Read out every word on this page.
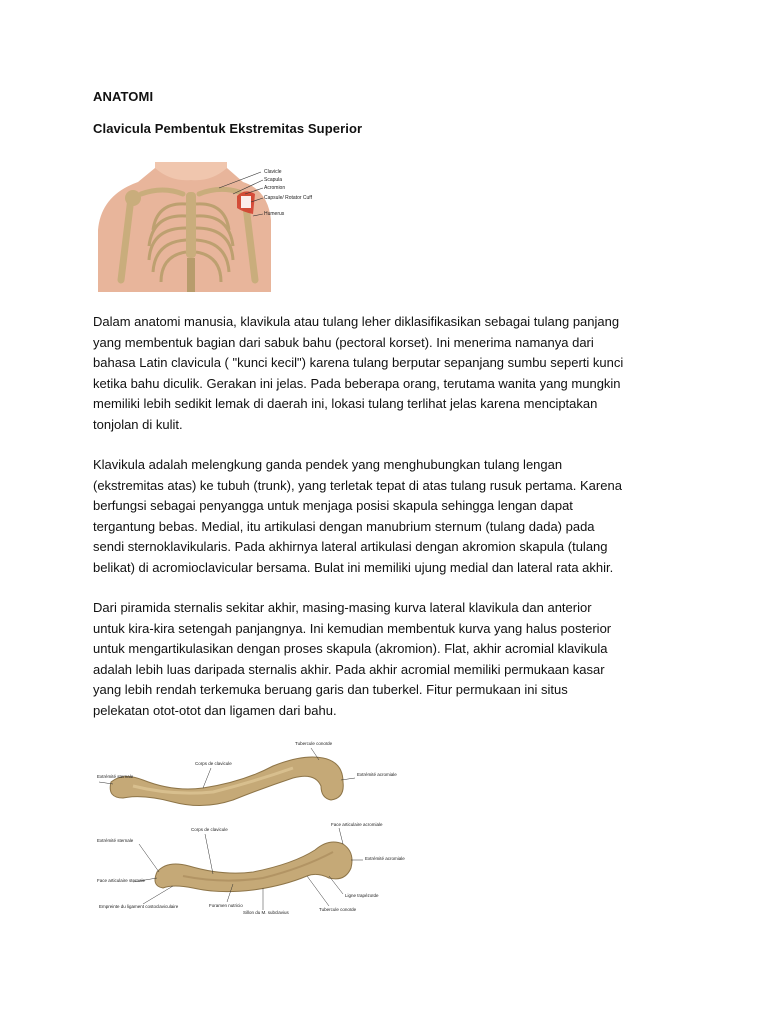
ANATOMI
Clavicula Pembentuk Ekstremitas Superior
Clavicle
Scapula
Acromion
Capsule/ Rotator Cuff
Humerus
Dalam anatomi manusia, klavikula atau tulang leher diklasifikasikan sebagai tulang panjang
yang membentuk bagian dari sabuk bahu (pectoral korset). Ini menerima namanya dari
bahasa Latin clavicula ( "kunci kecil") karena tulang berputar sepanjang sumbu seperti kunci
ketika bahu diculik. Gerakan ini jelas. Pada beberapa orang, terutama wanita yang mungkin
memiliki lebih sedikit lemak di daerah ini, lokasi tulang terlihat jelas karena menciptakan
tonjolan di kulit.
Klavikula adalah melengkung ganda pendek yang menghubungkan tulang lengan
(ekstremitas atas) ke tubuh (trunk), yang terletak tepat di atas tulang rusuk pertama. Karena
berfungsi sebagai penyangga untuk menjaga posisi skapula sehingga lengan dapat
tergantung bebas. Medial, itu artikulasi dengan manubrium sternum (tulang dada) pada
sendi sternoklavikularis. Pada akhirnya lateral artikulasi dengan akromion skapula (tulang
belikat) di acromioclavicular bersama. Bulat ini memiliki ujung medial dan lateral rata akhir.
Dari piramida sternalis sekitar akhir, masing-masing kurva lateral klavikula dan anterior
untuk kira-kira setengah panjangnya. Ini kemudian membentuk kurva yang halus posterior
untuk mengartikulasikan dengan proses skapula (akromion). Flat, akhir acromial klavikula
adalah lebih luas daripada sternalis akhir. Pada akhir acromial memiliki permukaan kasar
yang lebih rendah terkemuka beruang garis dan tuberkel. Fitur permukaan ini situs
pelekatan otot-otot dan ligamen dari bahu.
Tubercule conoïde
Corps de clavicule
Extrémité sternale	Extrémité acromiale
Corps de clavicule
Extrémité sternale
Face articulaire acromiale
Extrémité acromiale
Face articulaire sternale
Foramen nutricio
Ligne trapézoïde
Tubercule conoïde
Empreinte du ligament costoclaviculaire
Sillon du M. subclavius
